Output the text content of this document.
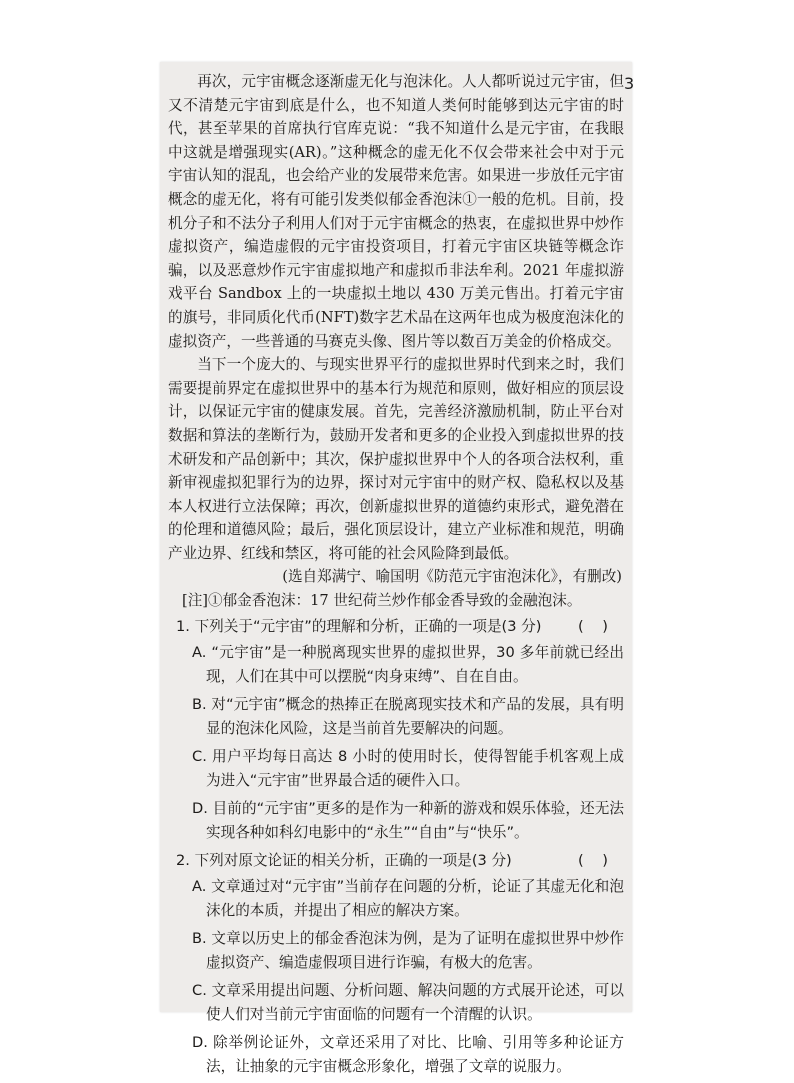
3

再次，元宇宙概念逐渐虚无化与泡沫化。人人都听说过元宇宙，但又不清楚元宇宙到底是什么，也不知道人类何时能够到达元宇宙的时代，甚至苹果的首席执行官库克说：“我不知道什么是元宇宙，在我眼中这就是增强现实(AR)。”这种概念的虚无化不仅会带来社会中对于元宇宙认知的混乱，也会给产业的发展带来危害。如果进一步放任元宇宙概念的虚无化，将有可能引发类似郁金香泡沫①一般的危机。目前，投机分子和不法分子利用人们对于元宇宙概念的热衷，在虚拟世界中炒作虚拟资产，编造虚假的元宇宙投资项目，打着元宇宙区块链等概念诈骗，以及恶意炒作元宇宙虚拟地产和虚拟币非法牟利。2021 年虚拟游戏平台 Sandbox 上的一块虚拟土地以 430 万美元售出。打着元宇宙的旗号，非同质化代币(NFT)数字艺术品在这两年也成为极度泡沫化的虚拟资产，一些普通的马赛克头像、图片等以数百万美金的价格成交。

当下一个庞大的、与现实世界平行的虚拟世界时代到来之时，我们需要提前界定在虚拟世界中的基本行为规范和原则，做好相应的顶层设计，以保证元宇宙的健康发展。首先，完善经济激励机制，防止平台对数据和算法的垄断行为，鼓励开发者和更多的企业投入到虚拟世界的技术研发和产品创新中；其次，保护虚拟世界中个人的各项合法权利，重新审视虚拟犯罪行为的边界，探讨对元宇宙中的财产权、隐私权以及基本人权进行立法保障；再次，创新虚拟世界的道德约束形式，避免潜在的伦理和道德风险；最后，强化顶层设计，建立产业标准和规范，明确产业边界、红线和禁区，将可能的社会风险降到最低。

(选自郑满宁、喻国明《防范元宇宙泡沫化》，有删改)

[注]①郁金香泡沫：17 世纪荷兰炒作郁金香导致的金融泡沫。

1. 下列关于“元宇宙”的理解和分析，正确的一项是(3 分)	(    )
A. “元宇宙”是一种脱离现实世界的虚拟世界，30 多年前就已经出现，人们在其中可以摆脱“肉身束缚”、自在自由。
B. 对“元宇宙”概念的热捧正在脱离现实技术和产品的发展，具有明显的泡沫化风险，这是当前首先要解决的问题。
C. 用户平均每日高达 8 小时的使用时长，使得智能手机客观上成为进入“元宇宙”世界最合适的硬件入口。
D. 目前的“元宇宙”更多的是作为一种新的游戏和娱乐体验，还无法实现各种如科幻电影中的“永生”“自由”与“快乐”。
2. 下列对原文论证的相关分析，正确的一项是(3 分)	(    )
A. 文章通过对“元宇宙”当前存在问题的分析，论证了其虚无化和泡沫化的本质，并提出了相应的解决方案。
B. 文章以历史上的郁金香泡沫为例，是为了证明在虚拟世界中炒作虚拟资产、编造虚假项目进行诈骗，有极大的危害。
C. 文章采用提出问题、分析问题、解决问题的方式展开论述，可以使人们对当前元宇宙面临的问题有一个清醒的认识。
D. 除举例论证外，文章还采用了对比、比喻、引用等多种论证方法，让抽象的元宇宙概念形象化，增强了文章的说服力。
